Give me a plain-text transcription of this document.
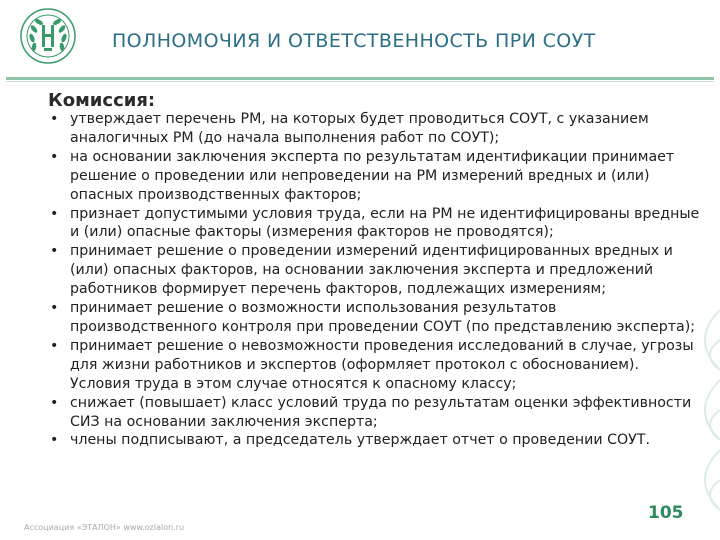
ПОЛНОМОЧИЯ И ОТВЕТСТВЕННОСТЬ ПРИ СОУТ
Комиссия:
• утверждает перечень РМ, на которых будет проводиться СОУТ, с указанием аналогичных РМ (до начала выполнения работ по СОУТ);
• на основании заключения эксперта по результатам идентификации принимает решение о проведении или непроведении на РМ измерений вредных и (или) опасных производственных факторов;
• признает допустимыми условия труда, если на РМ не идентифицированы вредные и (или) опасные факторы (измерения факторов не проводятся);
• принимает решение о проведении измерений идентифицированных вредных и (или) опасных факторов, на основании заключения эксперта и предложений работников формирует перечень факторов, подлежащих измерениям;
• принимает решение о возможности использования результатов производственного контроля при проведении СОУТ (по представлению эксперта);
• принимает решение о невозможности проведения исследований в случае, угрозы для жизни работников и экспертов (оформляет протокол с обоснованием). Условия труда в этом случае относятся к опасному классу;
• снижает (повышает) класс условий труда по результатам оценки эффективности СИЗ на основании заключения эксперта;
• члены подписывают, а председатель утверждает отчет о проведении СОУТ.
Ассоциация «ЭТАЛОН» www.ozlalon.ru
105
